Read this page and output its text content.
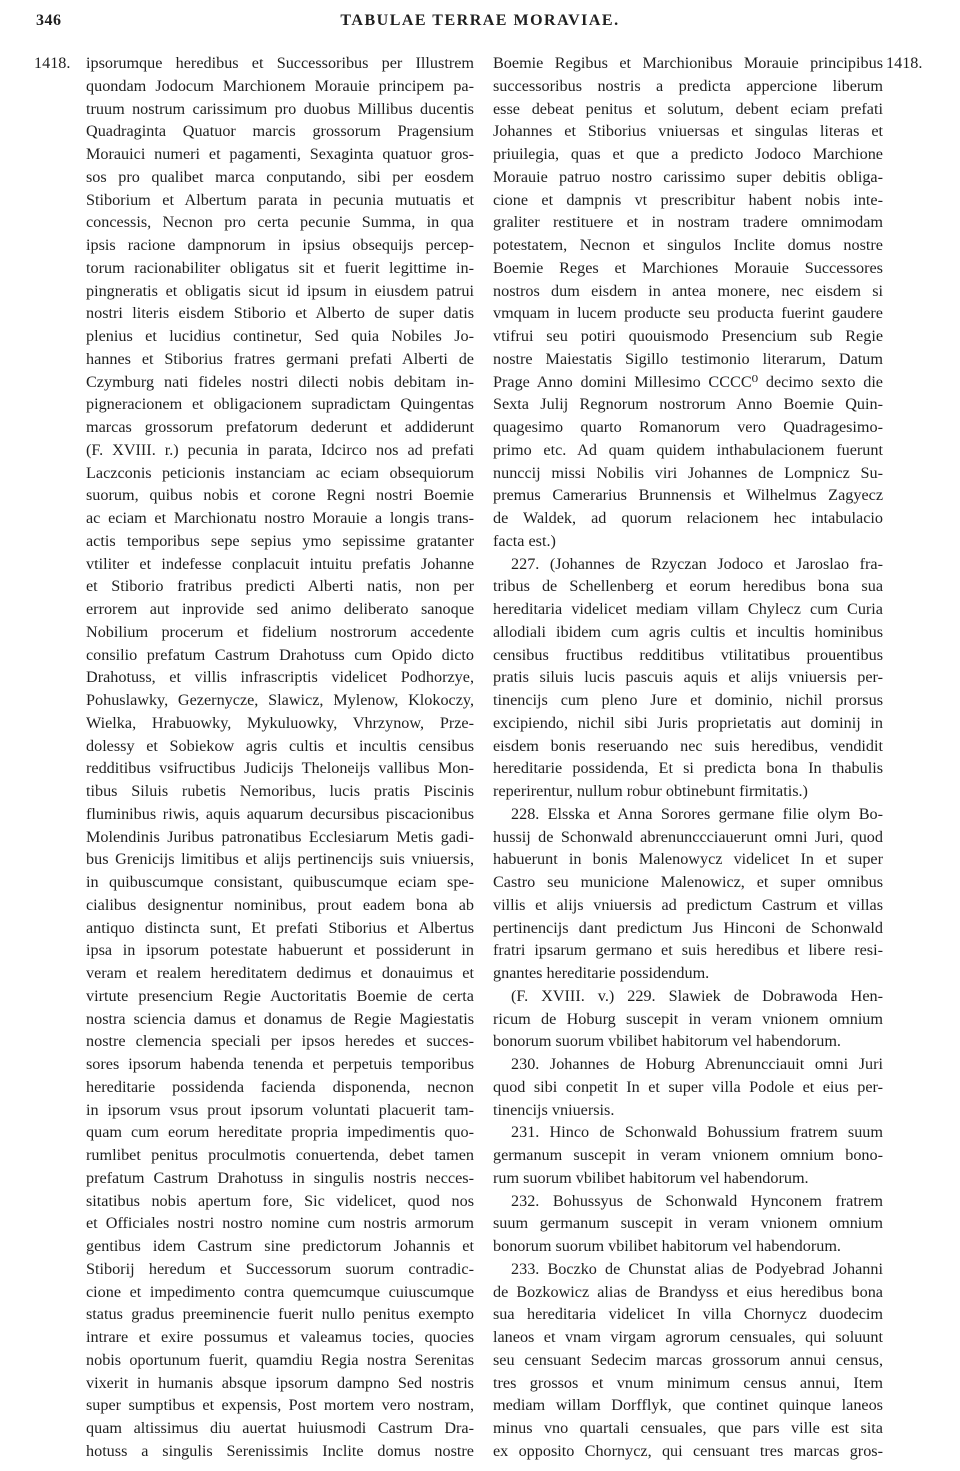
346	TABULAE TERRAE MORAVIAE.
1418.	1418.
ipsorumque heredibus et Successoribus per Illustrem
quondam Jodocum Marchionem Morauie principem pa-
truum nostrum carissimum pro duobus Millibus ducentis
Quadraginta Quatuor marcis grossorum Pragensium
Morauici numeri et pagamenti, Sexaginta quatuor gros-
sos pro qualibet marca conputando, sibi per eosdem
Stiborium et Albertum parata in pecunia mutuatis et
concessis, Necnon pro certa pecunie Summa, in qua
ipsis racione dampnorum in ipsius obsequijs percep-
torum racionabiliter obligatus sit et fuerit legittime in-
pingneratis et obligatis sicut id ipsum in eiusdem patrui
nostri literis eisdem Stiborio et Alberto de super datis
plenius et lucidius continetur, Sed quia Nobiles Jo-
hannes et Stiborius fratres germani prefati Alberti de
Czymburg nati fideles nostri dilecti nobis debitam in-
pigneracionem et obligacionem supradictam Quingentas
marcas grossorum prefatorum dederunt et addiderunt
(F. XVIII. r.) pecunia in parata, Idcirco nos ad prefati
Laczconis peticionis instanciam ac eciam obsequiorum
suorum, quibus nobis et corone Regni nostri Boemie
ac eciam et Marchionatu nostro Morauie a longis trans-
actis temporibus sepe sepius ymo sepissime gratanter
vtiliter et indefesse conplacuit intuitu prefatis Johanne
et Stiborio fratribus predicti Alberti natis, non per
errorem aut inprovide sed animo deliberato sanoque
Nobilium procerum et fidelium nostrorum accedente
consilio prefatum Castrum Drahotuss cum Opido dicto
Drahotuss, et villis infrascriptis videlicet Podhorzye,
Pohuslawky, Gezernycze, Slawicz, Mylenow, Klokoczy,
Wielka, Hrabuowky, Mykuluowky, Vhrzynow, Prze-
dolessy et Sobiekow agris cultis et incultis censibus
redditibus vsifructibus Judicijs Theloneijs vallibus Mon-
tibus Siluis rubetis Nemoribus, lucis pratis Piscinis
fluminibus riwis, aquis aquarum decursibus piscacionibus
Molendinis Juribus patronatibus Ecclesiarum Metis gadi-
bus Grenicijs limitibus et alijs pertinencijs suis vniuersis,
in quibuscumque consistant, quibuscumque eciam spe-
cialibus designentur nominibus, prout eadem bona ab
antiquo distincta sunt, Et prefati Stiborius et Albertus
ipsa in ipsorum potestate habuerunt et possiderunt in
veram et realem hereditatem dedimus et donauimus et
virtute presencium Regie Auctoritatis Boemie de certa
nostra sciencia damus et donamus de Regie Magiestatis
nostre clemencia speciali per ipsos heredes et succes-
sores ipsorum habenda tenenda et perpetuis temporibus
hereditarie possidenda facienda disponenda, necnon
in ipsorum vsus prout ipsorum voluntati placuerit tam-
quam cum eorum hereditate propria impedimentis quo-
rumlibet penitus proculmotis conuertenda, debet tamen
prefatum Castrum Drahotuss in singulis nostris necces-
sitatibus nobis apertum fore, Sic videlicet, quod nos
et Officiales nostri nostro nomine cum nostris armorum
gentibus idem Castrum sine predictorum Johannis et
Stiborij heredum et Successorum suorum contradic-
cione et impedimento contra quemcumque cuiuscumque
status gradus preeminencie fuerit nullo penitus exempto
intrare et exire possumus et valeamus tocies, quocies
nobis oportunum fuerit, quamdiu Regia nostra Serenitas
vixerit in humanis absque ipsorum dampno Sed nostris
super sumptibus et expensis, Post mortem vero nostram,
quam altissimus diu auertat huiusmodi Castrum Dra-
hotuss a singulis Serenissimis Inclite domus nostre
Boemie Regibus et Marchionibus Morauie principibus
successoribus nostris a predicta appercione liberum
esse debeat penitus et solutum, debent eciam prefati
Johannes et Stiborius vniuersas et singulas literas et
priuilegia, quas et que a predicto Jodoco Marchione
Morauie patruo nostro carissimo super debitis obliga-
cione et dampnis vt prescribitur habent nobis inte-
graliter restituere et in nostram tradere omnimodam
potestatem, Necnon et singulos Inclite domus nostre
Boemie Reges et Marchiones Morauie Successores
nostros dum eisdem in antea monere, nec eisdem si
vmquam in lucem producte seu producta fuerint gaudere
vtifrui seu potiri quouismodo Presencium sub Regie
nostre Maiestatis Sigillo testimonio literarum, Datum
Prage Anno domini Millesimo CCCC⁰ decimo sexto die
Sexta Julij Regnorum nostrorum Anno Boemie Quin-
quagesimo quarto Romanorum vero Quadragesimo-
primo etc. Ad quam quidem inthabulacionem fuerunt
nunccij missi Nobilis viri Johannes de Lompnicz Su-
premus Camerarius Brunnensis et Wilhelmus Zagyecz
de Waldek, ad quorum relacionem hec intabulacio
facta est.)
227. (Johannes de Rzyczan Jodoco et Jaroslao fra-
tribus de Schellenberg et eorum heredibus bona sua
hereditaria videlicet mediam villam Chylecz cum Curia
allodiali ibidem cum agris cultis et incultis hominibus
censibus fructibus redditibus vtilitatibus prouentibus
pratis siluis lucis pascuis aquis et alijs vniuersis per-
tinencijs cum pleno Jure et dominio, nichil prorsus
excipiendo, nichil sibi Juris proprietatis aut dominij in
eisdem bonis reseruando nec suis heredibus, vendidit
hereditarie possidenda, Et si predicta bona In thabulis
reperirentur, nullum robur obtinebunt firmitatis.)
228. Elsska et Anna Sorores germane filie olym Bo-
hussij de Schonwald abrenunccciauerunt omni Juri, quod
habuerunt in bonis Malenowycz videlicet In et super
Castro seu municione Malenowicz, et super omnibus
villis et alijs vniuersis ad predictum Castrum et villas
pertinencijs dant predictum Jus Hinconi de Schonwald
fratri ipsarum germano et suis heredibus et libere resi-
gnantes hereditarie possidendum.
(F. XVIII. v.) 229. Slawiek de Dobrawoda Hen-
ricum de Hoburg suscepit in veram vnionem omnium
bonorum suorum vbilibet habitorum vel habendorum.
230. Johannes de Hoburg Abrenuncciauit omni Juri
quod sibi conpetit In et super villa Podole et eius per-
tinencijs vniuersis.
231. Hinco de Schonwald Bohussium fratrem suum
germanum suscepit in veram vnionem omnium bono-
rum suorum vbilibet habitorum vel habendorum.
232. Bohussyus de Schonwald Hynconem fratrem
suum germanum suscepit in veram vnionem omnium
bonorum suorum vbilibet habitorum vel habendorum.
233. Boczko de Chunstat alias de Podyebrad Johanni
de Bozkowicz alias de Brandyss et eius heredibus bona
sua hereditaria videlicet In villa Chornycz duodecim
laneos et vnam virgam agrorum censuales, qui soluunt
seu censuant Sedecim marcas grossorum annui census,
tres grossos et vnum minimum census annui, Item
mediam willam Dorfflyk, que continet quinque laneos
minus vno quartali censuales, que pars ville est sita
ex opposito Chornycz, qui censuant tres marcas gros-
